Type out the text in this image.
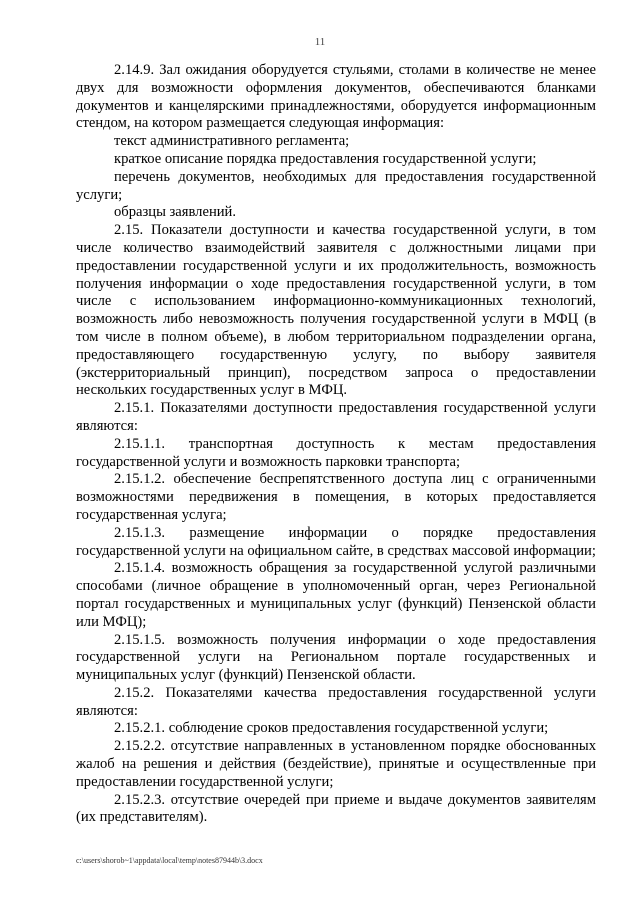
11

2.14.9. Зал ожидания оборудуется стульями, столами в количестве не менее двух для возможности оформления документов, обеспечиваются бланками документов и канцелярскими принадлежностями, оборудуется информационным стендом, на котором размещается следующая информация:

текст административного регламента;

краткое описание порядка предоставления государственной услуги;

перечень документов, необходимых для предоставления государственной услуги;

образцы заявлений.

2.15. Показатели доступности и качества государственной услуги, в том числе количество взаимодействий заявителя с должностными лицами при предоставлении государственной услуги и их продолжительность, возможность получения информации о ходе предоставления государственной услуги, в том числе с использованием информационно-коммуникационных технологий, возможность либо невозможность получения государственной услуги в МФЦ (в том числе в полном объеме), в любом территориальном подразделении органа, предоставляющего государственную услугу, по выбору заявителя (экстерриториальный принцип), посредством запроса о предоставлении нескольких государственных услуг в МФЦ.

2.15.1. Показателями доступности предоставления государственной услуги являются:

2.15.1.1. транспортная доступность к местам предоставления государственной услуги и возможность парковки транспорта;

2.15.1.2. обеспечение беспрепятственного доступа лиц с ограниченными возможностями передвижения в помещения, в которых предоставляется государственная услуга;

2.15.1.3. размещение информации о порядке предоставления государственной услуги на официальном сайте, в средствах массовой информации;

2.15.1.4. возможность обращения за государственной услугой различными способами (личное обращение в уполномоченный орган, через Региональной портал государственных и муниципальных услуг (функций) Пензенской области или МФЦ);

2.15.1.5. возможность получения информации о ходе предоставления государственной услуги на Региональном портале государственных и муниципальных услуг (функций) Пензенской области.

2.15.2. Показателями качества предоставления государственной услуги являются:

2.15.2.1. соблюдение сроков предоставления государственной услуги;

2.15.2.2. отсутствие направленных в установленном порядке обоснованных жалоб на решения и действия (бездействие), принятые и осуществленные при предоставлении государственной услуги;

2.15.2.3. отсутствие очередей при приеме и выдаче документов заявителям (их представителям).

c:\users\shorob~1\appdata\local\temp\notes87944b\3.docx
